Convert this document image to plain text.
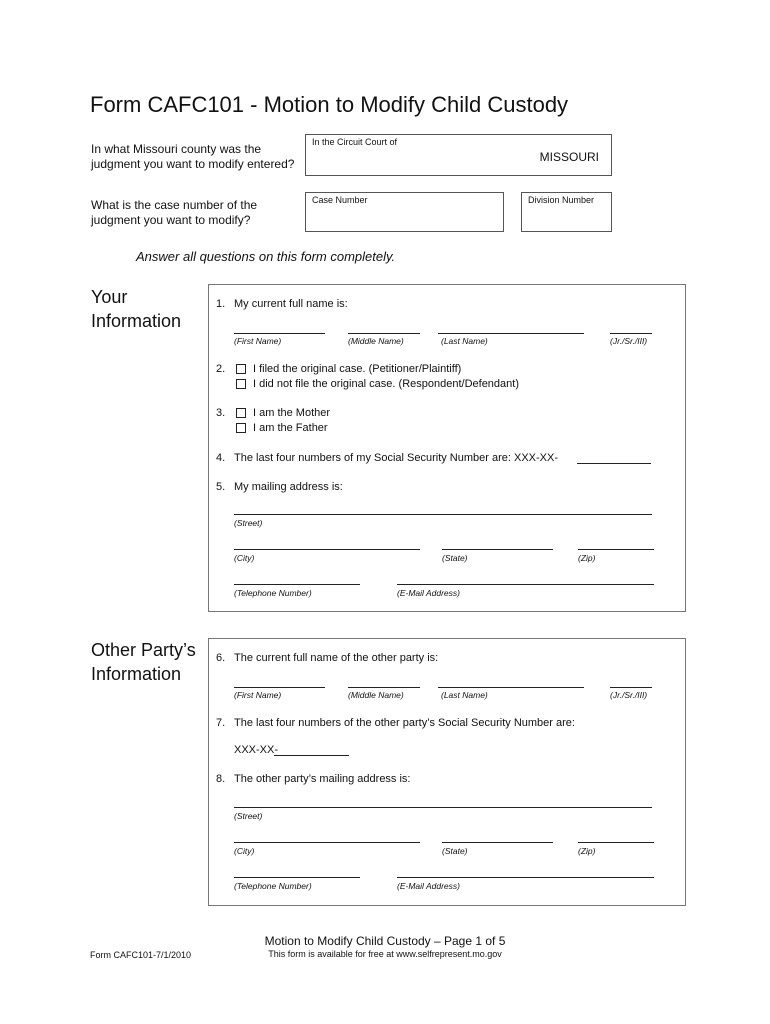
Form CAFC101 - Motion to Modify Child Custody
In what Missouri county was the
judgment you want to modify entered?
In the Circuit Court of
MISSOURI
What is the case number of the
judgment you want to modify?
Case Number	Division Number
Answer all questions on this form completely.
Your
Information
1. My current full name is:
(First Name)	(Middle Name)	(Last Name)	(Jr./Sr./III)
2.	I filed the original case. (Petitioner/Plaintiff)
I did not file the original case. (Respondent/Defendant)
3.	I am the Mother
I am the Father
4. The last four numbers of my Social Security Number are: XXX-XX-
5. My mailing address is:
(Street)
(City)	(State)	(Zip)
(Telephone Number)	(E-Mail Address)
Other Party’s
Information
6. The current full name of the other party is:
(First Name)	(Middle Name)	(Last Name)	(Jr./Sr./III)
7. The last four numbers of the other party’s Social Security Number are:
XXX-XX-
8. The other party’s mailing address is:
(Street)
(City)	(State)	(Zip)
(Telephone Number)	(E-Mail Address)
Motion to Modify Child Custody – Page 1 of 5
This form is available for free at www.selfrepresent.mo.gov
Form CAFC101-7/1/2010
